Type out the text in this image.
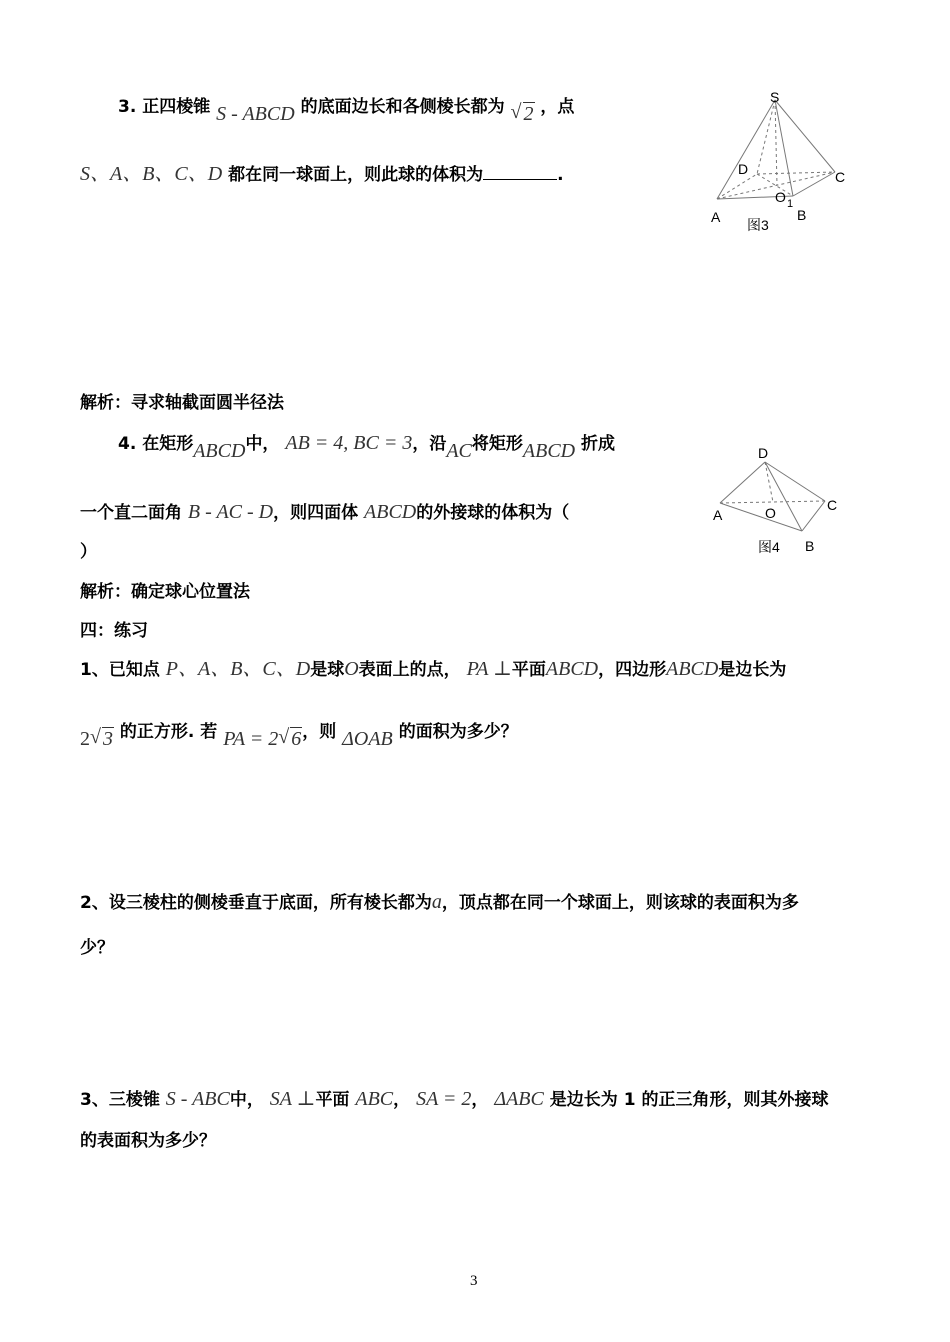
3. 正四棱锥 S - ABCD 的底面边长和各侧棱长都为 √ 2 ，点
S、A、B、C、D 都在同一球面上，则此球的体积为	.
S
D	C
O 1
A	B
图3
解析：寻求轴截面圆半径法
4. 在矩形ABCD中， AB = 4, BC = 3，沿AC将矩形ABCD 折成
一个直二面角 B - AC - D，则四面体 ABCD的外接球的体积为（
）
D
A	O	C
B
图4
解析：确定球心位置法
四：练习
1、已知点 P、A、B、C、D是球O表面上的点， PA ⊥平面ABCD，四边形ABCD是边长为
2 √ 3 的正方形. 若 PA = 2 √ 6，则 ΔOAB 的面积为多少？
2、设三棱柱的侧棱垂直于底面，所有棱长都为a，顶点都在同一个球面上，则该球的表面积为多
少？
3、三棱锥 S - ABC中， SA ⊥平面 ABC， SA = 2， ΔABC 是边长为 1 的正三角形，则其外接球
的表面积为多少？
3
